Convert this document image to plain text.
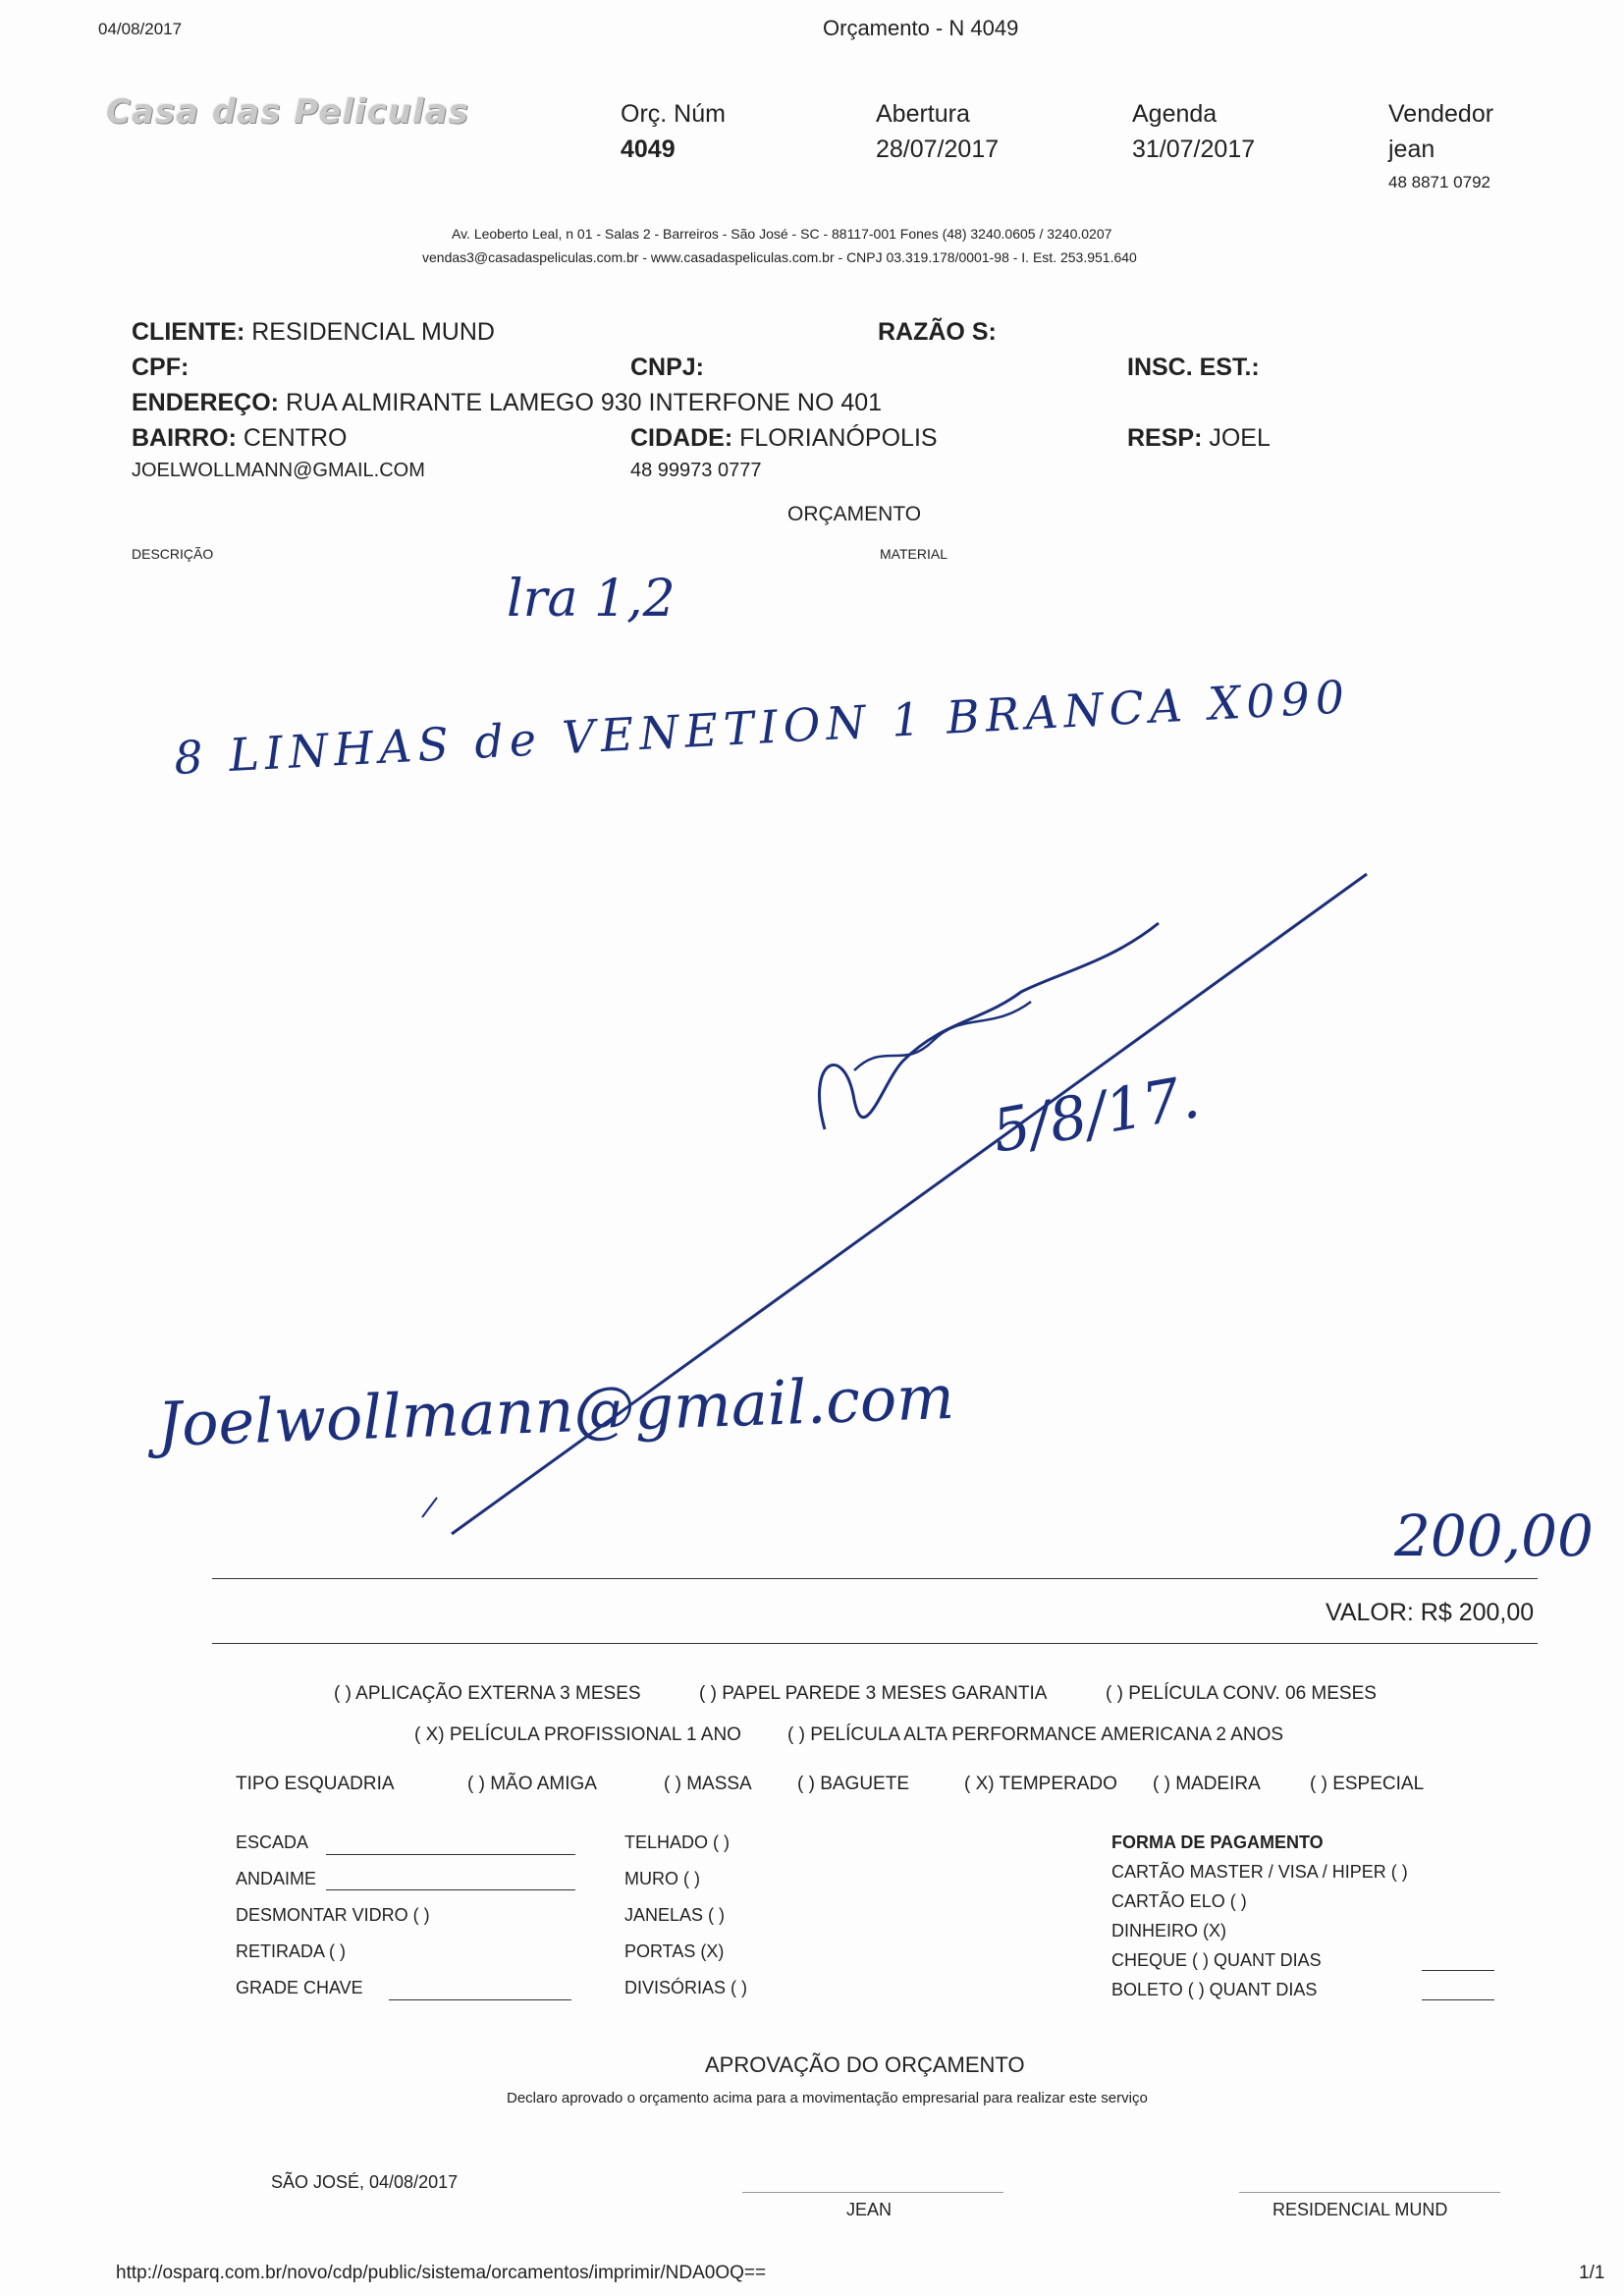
04/08/2017	Orçamento - N 4049
Casa das Peliculas	Orç. Núm
4049
Abertura
28/07/2017
Agenda
31/07/2017
Vendedor
jean
48 8871 0792
Av. Leoberto Leal, n 01 - Salas 2 - Barreiros - São José - SC - 88117-001 Fones (48) 3240.0605 / 3240.0207
vendas3@casadaspeliculas.com.br - www.casadaspeliculas.com.br - CNPJ 03.319.178/0001-98 - I. Est. 253.951.640
CLIENTE: RESIDENCIAL MUND	RAZÃO S:
CPF:	CNPJ:	INSC. EST.:
ENDEREÇO: RUA ALMIRANTE LAMEGO 930 INTERFONE NO 401
BAIRRO: CENTRO	CIDADE: FLORIANÓPOLIS	RESP: JOEL
JOELWOLLMANN@GMAIL.COM	48 99973 0777
ORÇAMENTO
DESCRIÇÃO	MATERIAL
lra 1,2
8 LINHAS de VENETION 1 BRANCA X090
5/8/17.
Joelwollmann@gmail.com
200,00
VALOR: R$ 200,00
( ) APLICAÇÃO EXTERNA 3 MESES	( ) PAPEL PAREDE 3 MESES GARANTIA	( ) PELÍCULA CONV. 06 MESES
( X) PELÍCULA PROFISSIONAL 1 ANO ( ) PELÍCULA ALTA PERFORMANCE AMERICANA 2 ANOS
TIPO ESQUADRIA	( ) MÃO AMIGA	( ) MASSA ( ) BAGUETE	( X) TEMPERADO ( ) MADEIRA	( ) ESPECIAL
ESCADA
ANDAIME
DESMONTAR VIDRO ( )
RETIRADA ( )
GRADE CHAVE
TELHADO ( )
MURO ( )
JANELAS ( )
PORTAS (X)
DIVISÓRIAS ( )
FORMA DE PAGAMENTO
CARTÃO MASTER / VISA / HIPER ( )
CARTÃO ELO ( )
DINHEIRO (X)
CHEQUE ( ) QUANT DIAS
BOLETO ( ) QUANT DIAS
APROVAÇÃO DO ORÇAMENTO
Declaro aprovado o orçamento acima para a movimentação empresarial para realizar este serviço
SÃO JOSÉ, 04/08/2017
JEAN	RESIDENCIAL MUND
http://osparq.com.br/novo/cdp/public/sistema/orcamentos/imprimir/NDA0OQ==	1/1
